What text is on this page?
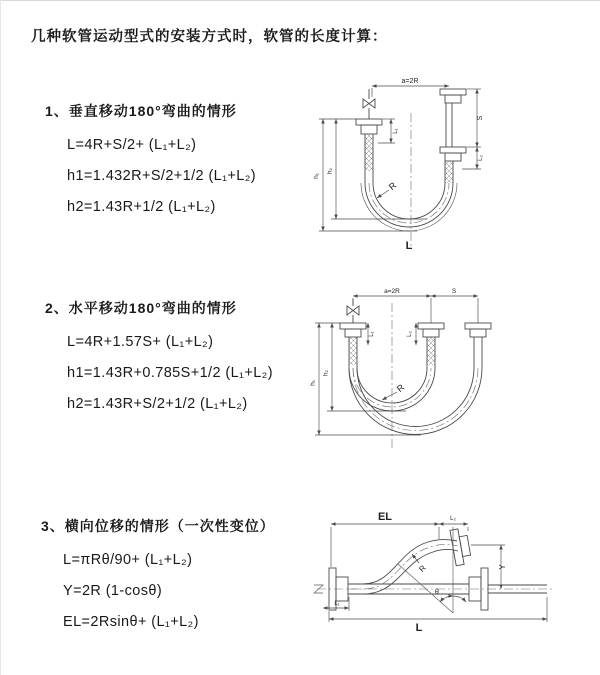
几种软管运动型式的安装方式时，软管的长度计算：
1、垂直移动180°弯曲的情形
L=4R+S/2+ (L₁+L₂)
h1=1.432R+S/2+1/2 (L₁+L₂)
h2=1.43R+1/2 (L₁+L₂)
2、水平移动180°弯曲的情形
L=4R+1.57S+ (L₁+L₂)
h1=1.43R+0.785S+1/2 (L₁+L₂)
h2=1.43R+S/2+1/2 (L₁+L₂)
3、横向位移的情形（一次性变位）
L=πRθ/90+ (L₁+L₂)
Y=2R (1-cosθ)
EL=2Rsinθ+ (L₁+L₂)
a=2R
L₁
S
L₂
h₁
h₂
R
L
a=2R	S
L₁	L₂
h₁
h₂
R
θ
R
EL	L₂
Y
L₁
L
